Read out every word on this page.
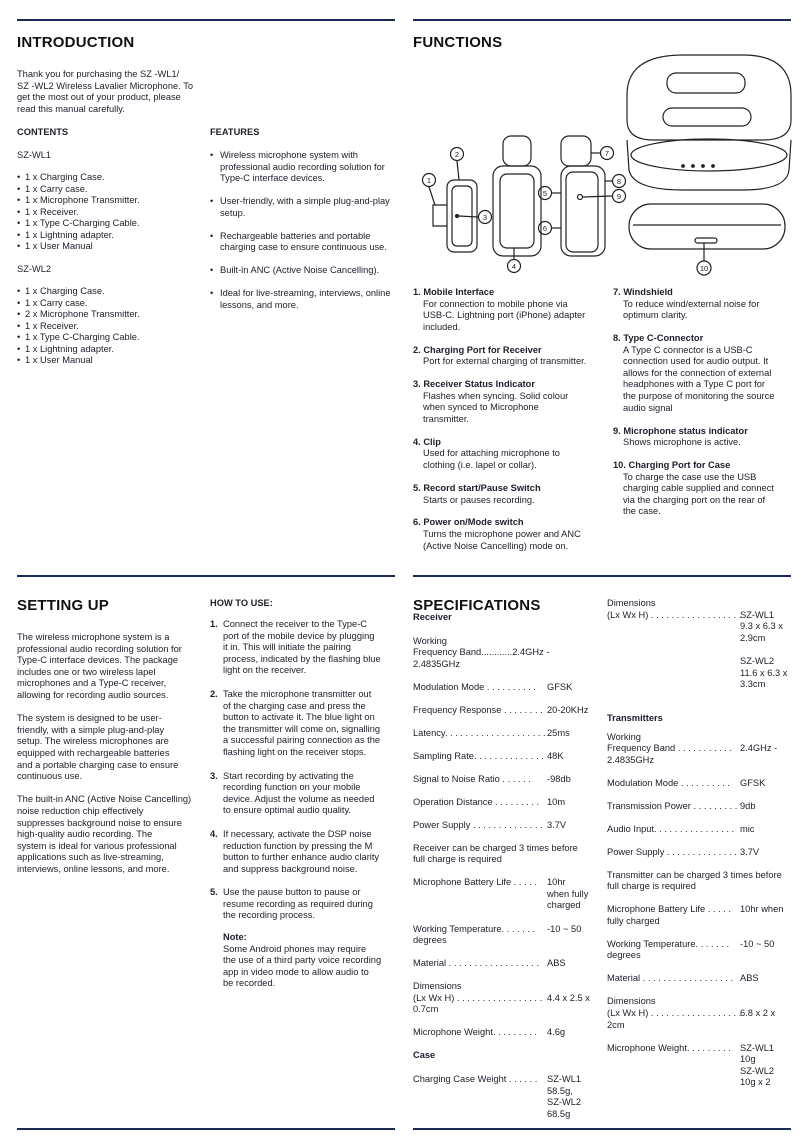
INTRODUCTION
Thank you for purchasing the SZ -WL1/
SZ -WL2 Wireless Lavalier Microphone. To
get the most out of your product, please
read this manual carefully.
CONTENTS
SZ-WL1
• 1 x Charging Case.
• 1 x Carry case.
• 1 x Microphone Transmitter.
• 1 x Receiver.
• 1 x Type C-Charging Cable.
• 1 x Lightning adapter.
• 1 x User Manual
SZ-WL2
• 1 x Charging Case.
• 1 x Carry case.
• 2 x Microphone Transmitter.
• 1 x Receiver.
• 1 x Type C-Charging Cable.
• 1 x Lightning adapter.
• 1 x User Manual
FEATURES
• Wireless microphone system with professional audio recording solution for Type-C interface devices.
• User-friendly, with a simple plug-and-play setup.
• Rechargeable batteries and portable charging case to ensure continuous use.
• Built-in ANC (Active Noise Cancelling).
• Ideal for live-streaming, interviews, online lessons, and more.
FUNCTIONS
1
2
3
4
5
6
7
8
9
10
1. Mobile Interface
For connection to mobile phone via
USB-C. Lightning port (iPhone) adapter
included.
2. Charging Port for Receiver
Port for external charging of transmitter.
3. Receiver Status Indicator
Flashes when syncing. Solid colour
when synced to Microphone
transmitter.
4. Clip
Used for attaching microphone to
clothing (i.e. lapel or collar).
5. Record start/Pause Switch
Starts or pauses recording.
6. Power on/Mode switch
Turns the microphone power and ANC
(Active Noise Cancelling) mode on.
7. Windshield
To reduce wind/external noise for
optimum clarity.
8. Type C-Connector
A Type C connector is a USB-C
connection used for audio output. It
allows for the connection of external
headphones with a Type C port for
the purpose of monitoring the source
audio signal
9. Microphone status indicator
Shows microphone is active.
10. Charging Port for Case
To charge the case use the USB
charging cable supplied and connect
via the charging port on the rear of
the case.
SETTING UP
The wireless microphone system is a
professional audio recording solution for
Type-C interface devices. The package
includes one or two wireless lapel
microphones and a Type-C receiver,
allowing for recording audio sources.
The system is designed to be user-
friendly, with a simple plug-and-play
setup. The wireless microphones are
equipped with rechargeable batteries
and a portable charging case to ensure
continuous use.
The built-in ANC (Active Noise Cancelling)
noise reduction chip effectively
suppresses background noise to ensure
high-quality audio recording. The
system is ideal for various professional
applications such as live-streaming,
interviews, online lessons, and more.
HOW TO USE:
1. Connect the receiver to the Type-C
port of the mobile device by plugging
it in. This will initiate the pairing
process, indicated by the flashing blue
light on the receiver.
2. Take the microphone transmitter out
of the charging case and press the
button to activate it. The blue light on
the transmitter will come on, signalling
a successful pairing connection as the
flashing light on the receiver stops.
3. Start recording by activating the
recording function on your mobile
device. Adjust the volume as needed
to ensure optimal audio quality.
4. If necessary, activate the DSP noise
reduction function by pressing the M
button to further enhance audio clarity
and suppress background noise.
5. Use the pause button to pause or
resume recording as required during
the recording process.
Note:
Some Android phones may require
the use of a third party voice recording
app in video mode to allow audio to
be recorded.
SPECIFICATIONS
Receiver
Working
Frequency Band............2.4GHz -
2.4835GHz
Modulation Mode . . . . . . . . . . GFSK
Frequency Response . . . . . . . . 20-20KHz
Latency. . . . . . . . . . . . . . . . . . . . 25ms
Sampling Rate. . . . . . . . . . . . . . 48K
Signal to Noise Ratio . . . . . . -98db
Operation Distance . . . . . . . . . 10m
Power Supply . . . . . . . . . . . . . . 3.7V
Receiver can be charged 3 times before
full charge is required
Microphone Battery Life . . . . . 10hr
when fully
charged
Working Temperature. . . . . . . -10 ~ 50
degrees
Material . . . . . . . . . . . . . . . . . . ABS
Dimensions
(Lx Wx H) . . . . . . . . . . . . . . . . . 4.4 x 2.5 x
0.7cm
Microphone Weight. . . . . . . . . 4.6g
Case
Charging Case Weight . . . . . . SZ-WL1
58.5g,
SZ-WL2
68.5g
Dimensions
(Lx Wx H) . . . . . . . . . . . . . . . . . .
SZ-WL1
9.3 x 6.3 x
2.9cm
SZ-WL2
11.6 x 6.3 x
3.3cm
Transmitters
Working
Frequency Band . . . . . . . . . . . 2.4GHz -
2.4835GHz
Modulation Mode . . . . . . . . . . GFSK
Transmission Power . . . . . . . . . 9db
Audio Input. . . . . . . . . . . . . . . . mic
Power Supply . . . . . . . . . . . . . . 3.7V
Transmitter can be charged 3 times before
full charge is required
Microphone Battery Life . . . . . 10hr when
fully charged
Working Temperature. . . . . . . -10 ~ 50
degrees
Material . . . . . . . . . . . . . . . . . . ABS
Dimensions
(Lx Wx H) . . . . . . . . . . . . . . . . . .
6.8 x 2 x
2cm
Microphone Weight. . . . . . . . . SZ-WL1
10g
SZ-WL2
10g x 2
